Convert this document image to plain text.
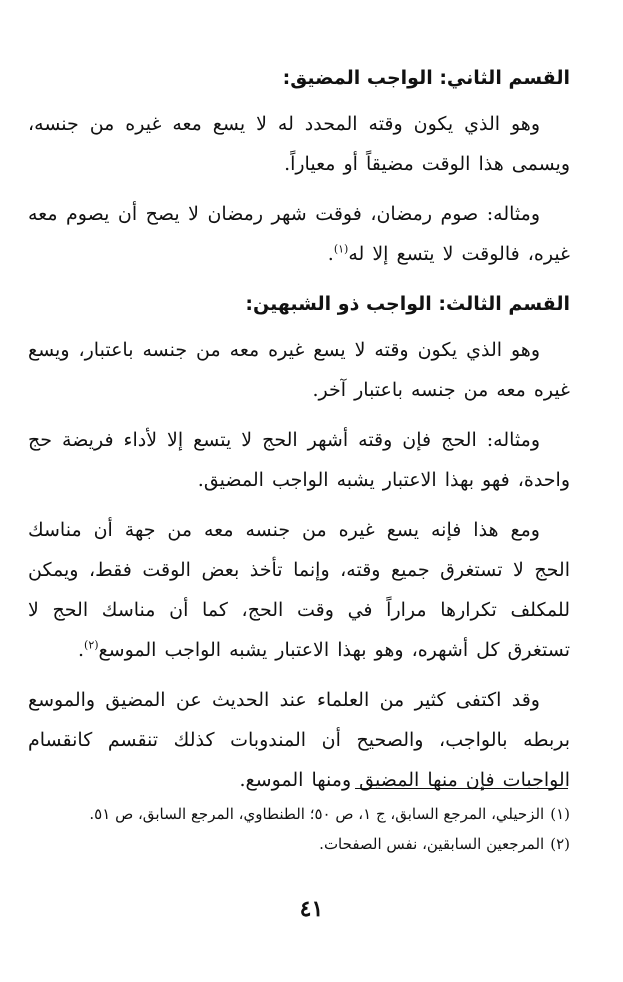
القسم الثاني: الواجب المضيق:

وهو الذي يكون وقته المحدد له لا يسع معه غيره من جنسه، ويسمى هذا الوقت مضيقاً أو معياراً.

ومثاله: صوم رمضان، فوقت شهر رمضان لا يصح أن يصوم معه غيره، فالوقت لا يتسع إلا له$^{(١)}$.

القسم الثالث: الواجب ذو الشبهين:

وهو الذي يكون وقته لا يسع غيره معه من جنسه باعتبار، ويسع غيره معه من جنسه باعتبار آخر.

ومثاله: الحج فإن وقته أشهر الحج لا يتسع إلا لأداء فريضة حج واحدة، فهو بهذا الاعتبار يشبه الواجب المضيق.

ومع هذا فإنه يسع غيره من جنسه معه من جهة أن مناسك الحج لا تستغرق جميع وقته، وإنما تأخذ بعض الوقت فقط، ويمكن للمكلف تكرارها مراراً في وقت الحج، كما أن مناسك الحج لا تستغرق كل أشهره، وهو بهذا الاعتبار يشبه الواجب الموسع$^{(٢)}$.

وقد اكتفى كثير من العلماء عند الحديث عن المضيق والموسع بربطه بالواجب، والصحيح أن المندوبات كذلك تنقسم كانقسام الواجبات فإن منها المضيق ومنها الموسع.

(١)الزحيلي، المرجع السابق، ج ١، ص ٥٠؛ الطنطاوي، المرجع السابق، ص ٥١.

(٢)المرجعين السابقين، نفس الصفحات.

٤١
